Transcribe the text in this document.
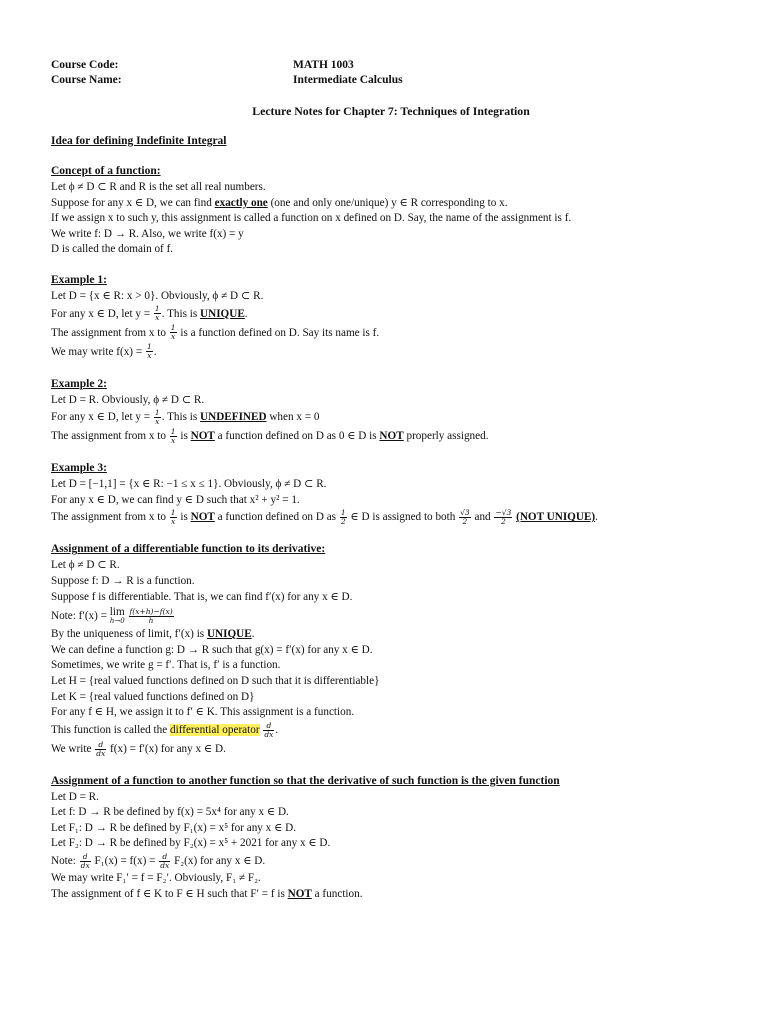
Course Code:	MATH 1003
Course Name:	Intermediate Calculus
Lecture Notes for Chapter 7: Techniques of Integration
Idea for defining Indefinite Integral
Concept of a function:
Let ϕ ≠ D ⊂ R and R is the set all real numbers.
Suppose for any x ∈ D, we can find exactly one (one and only one/unique) y ∈ R corresponding to x.
If we assign x to such y, this assignment is called a function on x defined on D. Say, the name of the assignment is f.
We write f: D → R. Also, we write f(x) = y
D is called the domain of f.
Example 1:
Let D = {x ∈ R: x > 0}. Obviously, ϕ ≠ D ⊂ R.
For any x ∈ D, let $y = \frac{1}{x}$ . This is UNIQUE.
The assignment from x to $\frac{1}{x}$ is a function defined on D. Say its name is f.
We may write $f(x) = \frac{1}{x}$ .
Example 2:
Let D = R. Obviously, ϕ ≠ D ⊂ R.
For any x ∈ D, let $y = \frac{1}{x}$ . This is UNDEFINED when x = 0
The assignment from x to $\frac{1}{x}$ is NOT a function defined on D as 0 ∈ D is NOT properly assigned.
Example 3:
Let D = [−1,1] = {x ∈ R: −1 ≤ x ≤ 1}. Obviously, ϕ ≠ D ⊂ R.
For any x ∈ D, we can find y ∈ D such that x² + y² = 1.
The assignment from x to $\frac{1}{x}$ is NOT a function defined on D as $\frac{1}{2}$ ∈ D is assigned to both $\frac{√3}{2}$ and $\frac{-√3}{2} (NOT$ UNIQUE).
Assignment of a differentiable function to its derivative:
Let ϕ ≠ D ⊂ R.
Suppose f: D → R is a function.
Suppose f is differentiable. That is, we can find f′(x) for any x ∈ D.
Note: f′(x) = lim
h→0
$\frac{f(x+h)-f(x)}{h}$
By the uniqueness of limit, f′(x) is UNIQUE.
We can define a function g: D → R such that g(x) = f′(x) for any x ∈ D.
Sometimes, we write g = f′. That is, f′ is a function.
Let H = {real valued functions defined on D such that it is differentiable}
Let K = {real valued functions defined on D}
For any f ∈ H, we assign it to f′ ∈ K. This assignment is a function.
This function is called the differential operator $\frac{d}{dx}$ .
We write $\frac{d}{dx} f(x) = f'(x)$ for any x ∈ D.
Assignment of a function to another function so that the derivative of such function is the given function
Let D = R.
Let f: D → R be defined by f(x) = 5x⁴ for any x ∈ D.
Let F₁: D → R be defined by F₁(x) = x⁵ for any x ∈ D.
Let F₂: D → R be defined by F₂(x) = x⁵ + 2021 for any x ∈ D.
Note: $\frac{d}{dx} F_1(x) = f(x) = \frac{d}{dx} F_2(x)$ for any x ∈ D.
We may write F₁′ = f = F₂′. Obviously, F₁ ≠ F₂.
The assignment of f ∈ K to F ∈ H such that F′ = f is NOT a function.
